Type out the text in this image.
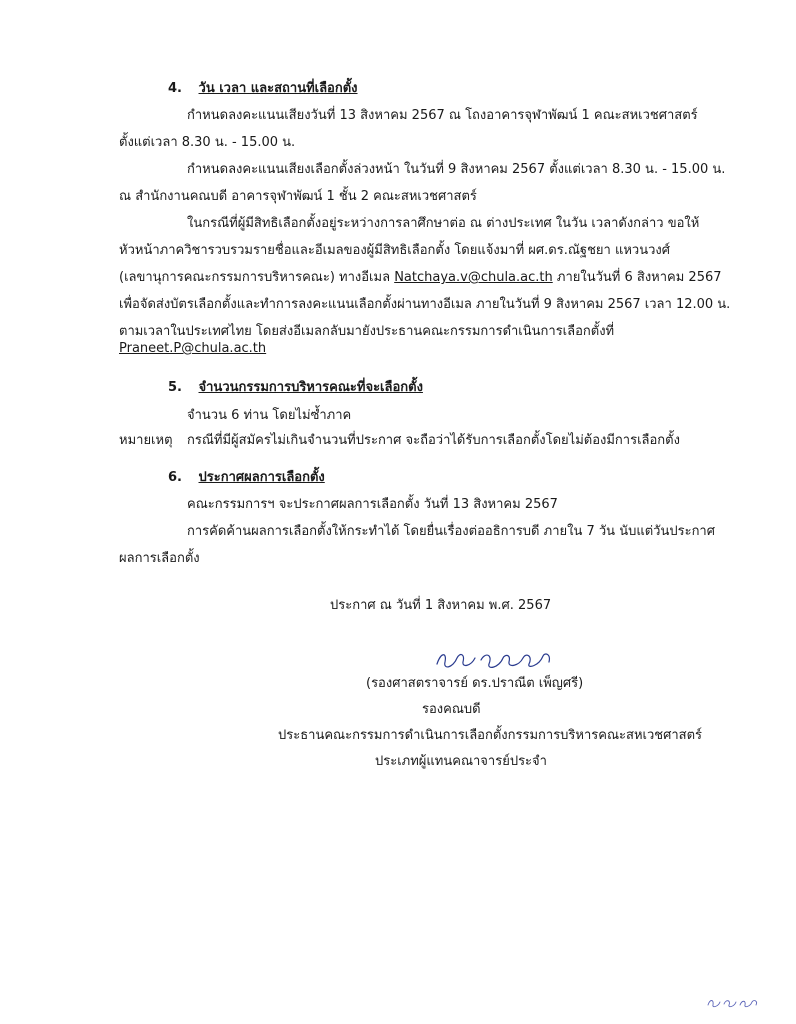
4. วัน เวลา และสถานที่เลือกตั้ง
กำหนดลงคะแนนเสียงวันที่ 13 สิงหาคม 2567 ณ โถงอาคารจุฬาพัฒน์ 1 คณะสหเวชศาสตร์
ตั้งแต่เวลา 8.30 น. - 15.00 น.
กำหนดลงคะแนนเสียงเลือกตั้งล่วงหน้า ในวันที่ 9 สิงหาคม 2567 ตั้งแต่เวลา 8.30 น. - 15.00 น.
ณ สำนักงานคณบดี อาคารจุฬาพัฒน์ 1 ชั้น 2 คณะสหเวชศาสตร์
ในกรณีที่ผู้มีสิทธิเลือกตั้งอยู่ระหว่างการลาศึกษาต่อ ณ ต่างประเทศ ในวัน เวลาดังกล่าว ขอให้
หัวหน้าภาควิชารวบรวมรายชื่อและอีเมลของผู้มีสิทธิเลือกตั้ง โดยแจ้งมาที่ ผศ.ดร.ณัฐชยา แหวนวงศ์
(เลขานุการคณะกรรมการบริหารคณะ) ทางอีเมล Natchaya.v@chula.ac.th ภายในวันที่ 6 สิงหาคม 2567
เพื่อจัดส่งบัตรเลือกตั้งและทำการลงคะแนนเลือกตั้งผ่านทางอีเมล ภายในวันที่ 9 สิงหาคม 2567 เวลา 12.00 น.
ตามเวลาในประเทศไทย โดยส่งอีเมลกลับมายังประธานคณะกรรมการดำเนินการเลือกตั้งที่
Praneet.P@chula.ac.th
5. จำนวนกรรมการบริหารคณะที่จะเลือกตั้ง
จำนวน 6 ท่าน โดยไม่ซ้ำภาค
หมายเหตุ กรณีที่มีผู้สมัครไม่เกินจำนวนที่ประกาศ จะถือว่าได้รับการเลือกตั้งโดยไม่ต้องมีการเลือกตั้ง
6. ประกาศผลการเลือกตั้ง
คณะกรรมการฯ จะประกาศผลการเลือกตั้ง วันที่ 13 สิงหาคม 2567
การคัดค้านผลการเลือกตั้งให้กระทำได้ โดยยื่นเรื่องต่ออธิการบดี ภายใน 7 วัน นับแต่วันประกาศ
ผลการเลือกตั้ง
ประกาศ ณ วันที่ 1 สิงหาคม พ.ศ. 2567
(รองศาสตราจารย์ ดร.ปราณีต เพ็ญศรี)
รองคณบดี
ประธานคณะกรรมการดำเนินการเลือกตั้งกรรมการบริหารคณะสหเวชศาสตร์
ประเภทผู้แทนคณาจารย์ประจำ
